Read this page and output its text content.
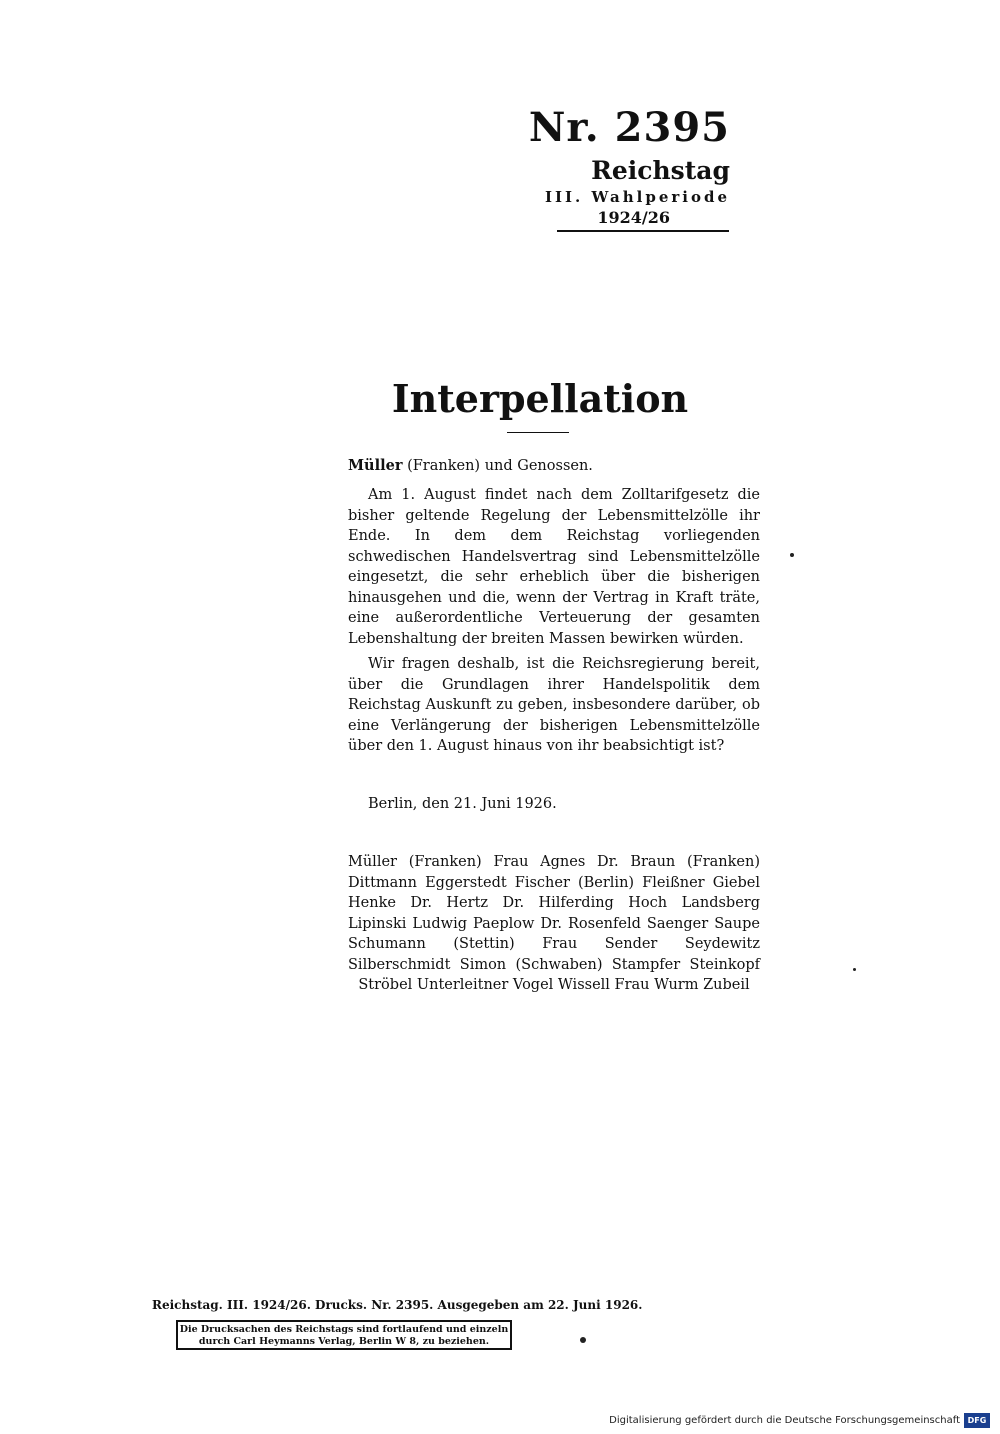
Nr. 2395
Reichstag
III. Wahlperiode
1924/26
Interpellation
Müller (Franken) und Genossen.
Am 1. August findet nach dem Zolltarifgesetz die bisher geltende Regelung der Lebensmittelzölle ihr Ende. In dem dem Reichstag vorliegenden schwedischen Handelsvertrag sind Lebensmittelzölle eingesetzt, die sehr erheblich über die bisherigen hinausgehen und die, wenn der Vertrag in Kraft träte, eine außerordentliche Verteuerung der gesamten Lebenshaltung der breiten Massen bewirken würden.
Wir fragen deshalb, ist die Reichsregierung bereit, über die Grundlagen ihrer Handelspolitik dem Reichstag Auskunft zu geben, insbesondere darüber, ob eine Verlängerung der bisherigen Lebensmittelzölle über den 1. August hinaus von ihr beabsichtigt ist?
Berlin, den 21. Juni 1926.
Müller (Franken) Frau Agnes Dr. Braun (Franken) Dittmann Eggerstedt Fischer (Berlin) Fleißner Giebel Henke Dr. Hertz Dr. Hilferding Hoch Landsberg Lipinski Ludwig Paeplow Dr. Rosenfeld Saenger Saupe Schumann (Stettin) Frau Sender Seydewitz Silberschmidt Simon (Schwaben) Stampfer Steinkopf Ströbel Unterleitner Vogel Wissell Frau Wurm Zubeil
Reichstag. III. 1924/26. Drucks. Nr. 2395. Ausgegeben am 22. Juni 1926.
Die Drucksachen des Reichstags sind fortlaufend und einzeln
durch Carl Heymanns Verlag, Berlin W 8, zu beziehen.
Digitalisierung gefördert durch die Deutsche Forschungsgemeinschaft DFG
